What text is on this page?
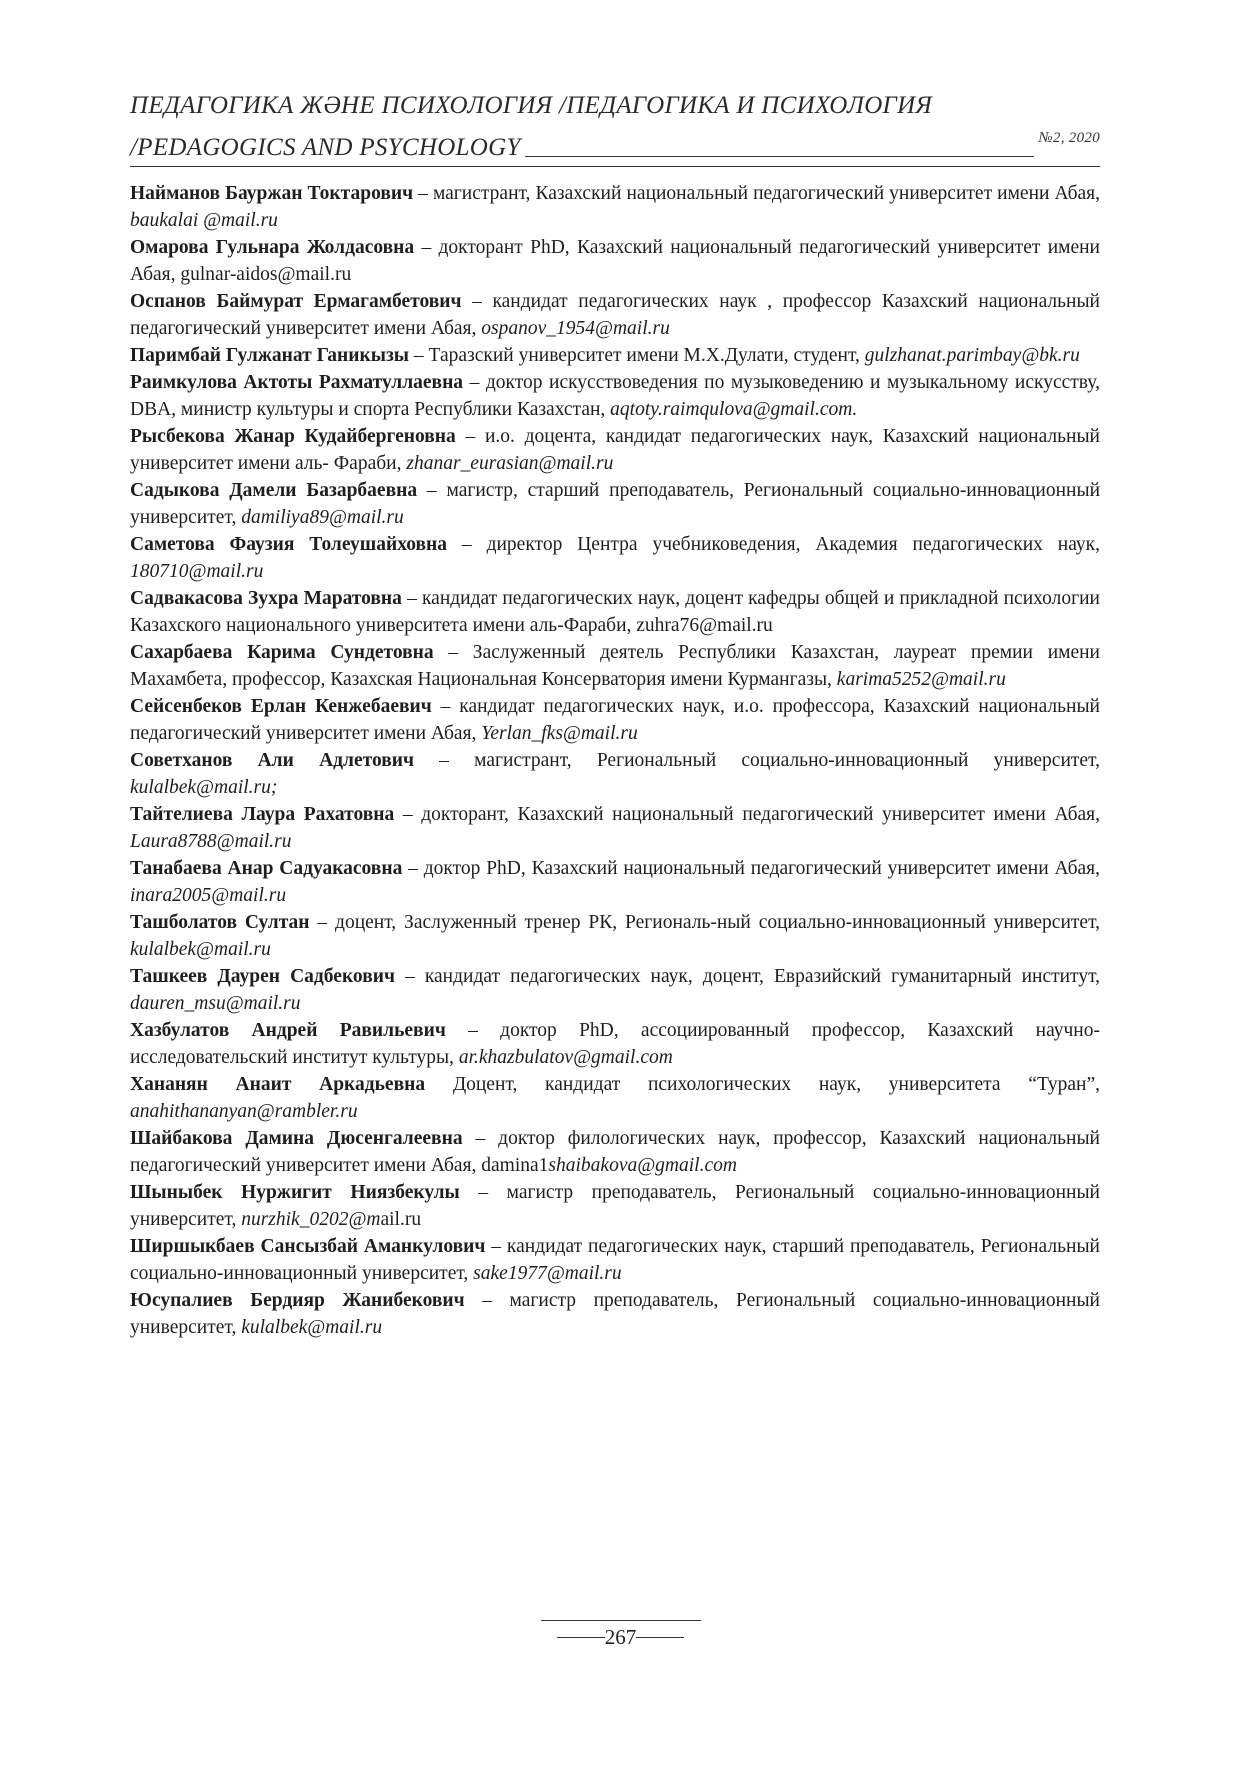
ПЕДАГОГИКА ЖӘНЕ ПСИХОЛОГИЯ /ПЕДАГОГИКА И ПСИХОЛОГИЯ
/PEDAGOGICS AND PSYCHOLOGY	№2, 2020
Найманов Бауржан Токтарович – магистрант, Казахский национальный педагогический университет имени Абая, baukalai @mail.ru
Омарова Гульнара Жолдасовна – докторант PhD, Казахский национальный педагогический университет имени Абая, gulnar-aidos@mail.ru
Оспанов Баймурат Ермагамбетович – кандидат педагогических наук , профессор Казахский национальный педагогический университет имени Абая, ospanov_1954@mail.ru
Паримбай Гулжанат Ганикызы – Таразский университет имени М.Х.Дулати, студент, gulzhanat.parimbay@bk.ru
Раимкулова Актоты Рахматуллаевна – доктор искусствоведения по музыковедению и музыкальному искусству, DBA, министр культуры и спорта Республики Казахстан, aqtoty.raimqulova@gmail.com.
Рысбекова Жанар Кудайбергеновна – и.о. доцента, кандидат педагогических наук, Казахский национальный университет имени аль- Фараби, zhanar_eurasian@mail.ru
Садыкова Дамели Базарбаевна – магистр, старший преподаватель, Региональный социально-инновационный университет, damiliya89@mail.ru
Саметова Фаузия Толеушайховна – директор Центра учебниковедения, Академия педагогических наук, 180710@mail.ru
Садвакасова Зухра Маратовна – кандидат педагогических наук, доцент кафедры общей и прикладной психологии Казахского национального университета имени аль-Фараби, zuhra76@mail.ru
Сахарбаева Карима Сундетовна – Заслуженный деятель Республики Казахстан, лауреат премии имени Махамбета, профессор, Казахская Национальная Консерватория имени Курмангазы, karima5252@mail.ru
Сейсенбеков Ерлан Кенжебаевич – кандидат педагогических наук, и.о. профессора, Казахский национальный педагогический университет имени Абая, Yerlan_fks@mail.ru
Советханов Али Адлетович – магистрант, Региональный социально-инновационный университет, kulalbek@mail.ru;
Тайтелиева Лаура Рахатовна – докторант, Казахский национальный педагогический университет имени Абая, Laura8788@mail.ru
Танабаева Анар Садуакасовна – доктор PhD, Казахский национальный педагогический университет имени Абая, inara2005@mail.ru
Ташболатов Султан – доцент, Заслуженный тренер РК, Региональ-ный социально-инновационный университет, kulalbek@mail.ru
Ташкеев Даурен Садбекович – кандидат педагогических наук, доцент, Евразийский гуманитарный институт, dauren_msu@mail.ru
Хазбулатов Андрей Равильевич – доктор PhD, ассоциированный профессор, Казахский научно-исследовательский институт культуры, ar.khazbulatov@gmail.com
Хананян Анаит Аркадьевна Доцент, кандидат психологических наук, университета “Туран”, anahithananyan@rambler.ru
Шайбакова Дамина Дюсенгалеевна – доктор филологических наук, профессор, Казахский национальный педагогический университет имени Абая, damina1shaibakova@gmail.com
Шыныбек Нуржигит Ниязбекулы – магистр преподаватель, Региональный социально-инновационный университет, nurzhik_0202@mail.ru
Ширшыкбаев Сансызбай Аманкулович – кандидат педагогических наук, старший преподаватель, Региональный социально-инновационный университет, sake1977@mail.ru
Юсупалиев Бердияр Жанибекович – магистр преподаватель, Региональный социально-инновационный университет, kulalbek@mail.ru
267
